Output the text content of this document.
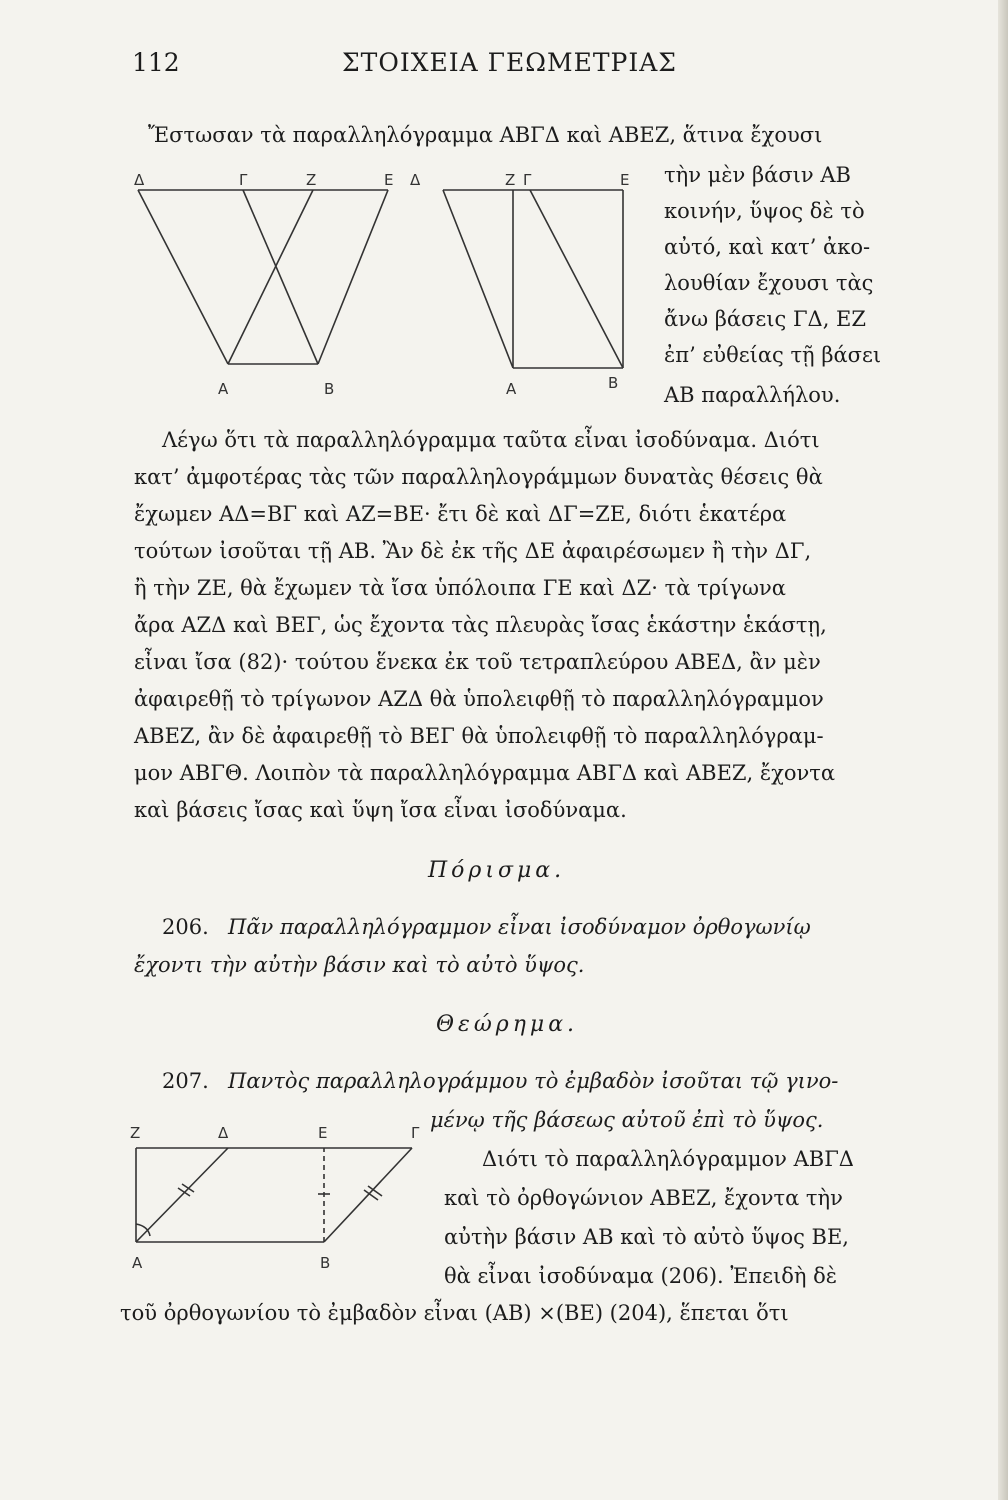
112	ΣΤΟΙΧΕΙΑ ΓΕΩΜΕΤΡΙΑΣ
Ἔστωσαν τὰ παραλληλόγραμμα ΑΒΓΔ καὶ ΑΒΕΖ, ἅτινα ἔχουσι
τὴν μὲν βάσιν ΑΒ
κοινήν, ὕψος δὲ τὸ
αὐτό, καὶ κατ’ ἀκο-
λουθίαν ἔχουσι τὰς
ἄνω βάσεις ΓΔ, ΕΖ
ἐπ’ εὐθείας τῇ βάσει
ΑΒ παραλλήλου.
Δ	Γ	Z	E
A	B
Δ	Z Γ	E
A	B
Λέγω ὅτι τὰ παραλληλόγραμμα ταῦτα εἶναι ἰσοδύναμα. Διότι
κατ’ ἀμφοτέρας τὰς τῶν παραλληλογράμμων δυνατὰς θέσεις θὰ
ἔχωμεν ΑΔ=ΒΓ καὶ ΑΖ=ΒΕ· ἔτι δὲ καὶ ΔΓ=ΖΕ, διότι ἑκατέρα
τούτων ἰσοῦται τῇ ΑΒ. Ἂν δὲ ἐκ τῆς ΔΕ ἀφαιρέσωμεν ἢ τὴν ΔΓ,
ἢ τὴν ΖΕ, θὰ ἔχωμεν τὰ ἴσα ὑπόλοιπα ΓΕ καὶ ΔΖ· τὰ τρίγωνα
ἄρα ΑΖΔ καὶ ΒΕΓ, ὡς ἔχοντα τὰς πλευρὰς ἴσας ἑκάστην ἑκάστῃ,
εἶναι ἴσα (82)· τούτου ἕνεκα ἐκ τοῦ τετραπλεύρου ΑΒΕΔ, ἂν μὲν
ἀφαιρεθῇ τὸ τρίγωνον ΑΖΔ θὰ ὑπολειφθῇ τὸ παραλληλόγραμμον
ΑΒΕΖ, ἂν δὲ ἀφαιρεθῇ τὸ ΒΕΓ θὰ ὑπολειφθῇ τὸ παραλληλόγραμ-
μον ΑΒΓΘ. Λοιπὸν τὰ παραλληλόγραμμα ΑΒΓΔ καὶ ΑΒΕΖ, ἔχοντα
καὶ βάσεις ἴσας καὶ ὕψη ἴσα εἶναι ἰσοδύναμα.
Πόρισμα.
206. Πᾶν παραλληλόγραμμον εἶναι ἰσοδύναμον ὀρθογωνίῳ
ἔχοντι τὴν αὐτὴν βάσιν καὶ τὸ αὐτὸ ὕψος.
Θεώρημα.
207. Παντὸς παραλληλογράμμου τὸ ἐμβαδὸν ἰσοῦται τῷ γινο-
μένῳ τῆς βάσεως αὐτοῦ ἐπὶ τὸ ὕψος.
Διότι τὸ παραλληλόγραμμον ΑΒΓΔ
καὶ τὸ ὀρθογώνιον ΑΒΕΖ, ἔχοντα τὴν
αὐτὴν βάσιν ΑΒ καὶ τὸ αὐτὸ ὕψος ΒΕ,
θὰ εἶναι ἰσοδύναμα (206). Ἐπειδὴ δὲ
τοῦ ὀρθογωνίου τὸ ἐμβαδὸν εἶναι (ΑΒ) ⨯(ΒΕ) (204), ἕπεται ὅτι
Z	Δ	E	Γ
A	B
